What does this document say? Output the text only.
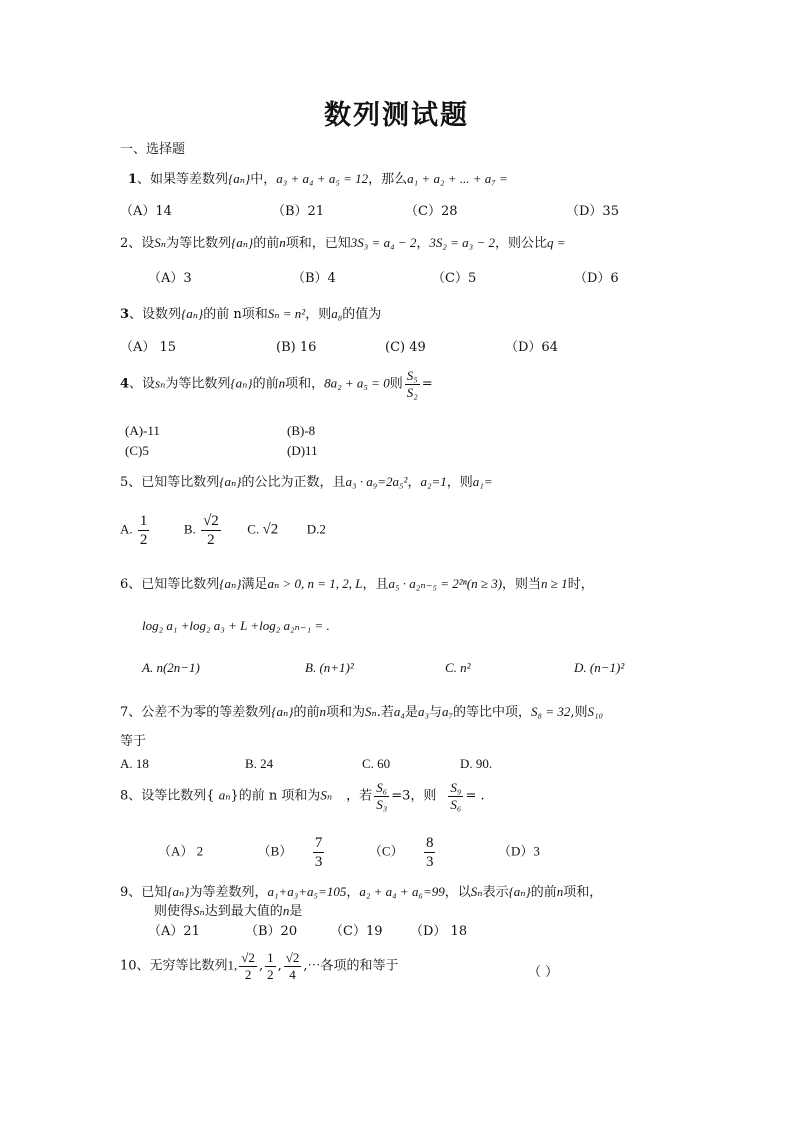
数列测试题
一、选择题
1、如果等差数列{aₙ}中，a₃ + a₄ + a₅ = 12，那么a₁ + a₂ + ... + a₇ =
（A）14	（B）21	（C）28	（D）35
2、设Sₙ为等比数列{aₙ}的前n项和，已知3S₃ = a₄ − 2，3S₂ = a₃ − 2，则公比q =
（A）3	（B）4	（C）5	（D）6
3、设数列{aₙ}的前 n项和Sₙ = n²，则a₈的值为
（A） 15	(B) 16	(C) 49	（D）64
4、设sₙ为等比数列{aₙ}的前n项和，8a₂ + a₅ = 0则 $\frac{\text{S₅}}{\text{S₂}}$ =
(A)-11	(B)-8
(C)5	(D)11
5、已知等比数列{aₙ}的公比为正数，且a₃ · a₉=2a₅²，a₂=1，则a₁=
A. $\frac{1}{2}$	B. $\frac{√2}{2} C$. √2 D.2
6、已知等比数列{aₙ}满足aₙ > 0, n = 1, 2, L，且a₅ · a₂ₙ₋₅ = 2²ⁿ(n ≥ 3)，则当n ≥ 1时，
log₂ a₁ +log₂ a₃ + L +log₂ a₂ₙ₋₁ = .
A. n(2n−1)	B. (n+1)²	C. n²	D. (n−1)²
7、公差不为零的等差数列{aₙ}的前n项和为Sₙ.若a₄是a₃与a₇的等比中项，S₈ = 32,则S₁₀
等于
A. 18	B. 24	C. 60	D. 90.
8、设等比数列{ aₙ}的前 n 项和为Sₙ ，若 $\frac{\text{S₆}}{\text{S₃}} =3$，则 $\frac{\text{S₉}}{\text{S₆}}$ = .
（A） 2	$(B) \frac{7}{3}$	$(C) \frac{8}{3}$	（D）3
9、已知{aₙ}为等差数列，a₁+a₃+a₅=105，a₂ + a₄ + a₆=99，以Sₙ表示{aₙ}的前n项和，
则使得Sₙ达到最大值的n是
（A）21	（B）20	（C）19 （D） 18
10、无穷等比数列1, $\frac{√2}{2}$ , $\frac{1}{2}$ , $\frac{√2}{4}$ ,⋯各项的和等于	（ ）
